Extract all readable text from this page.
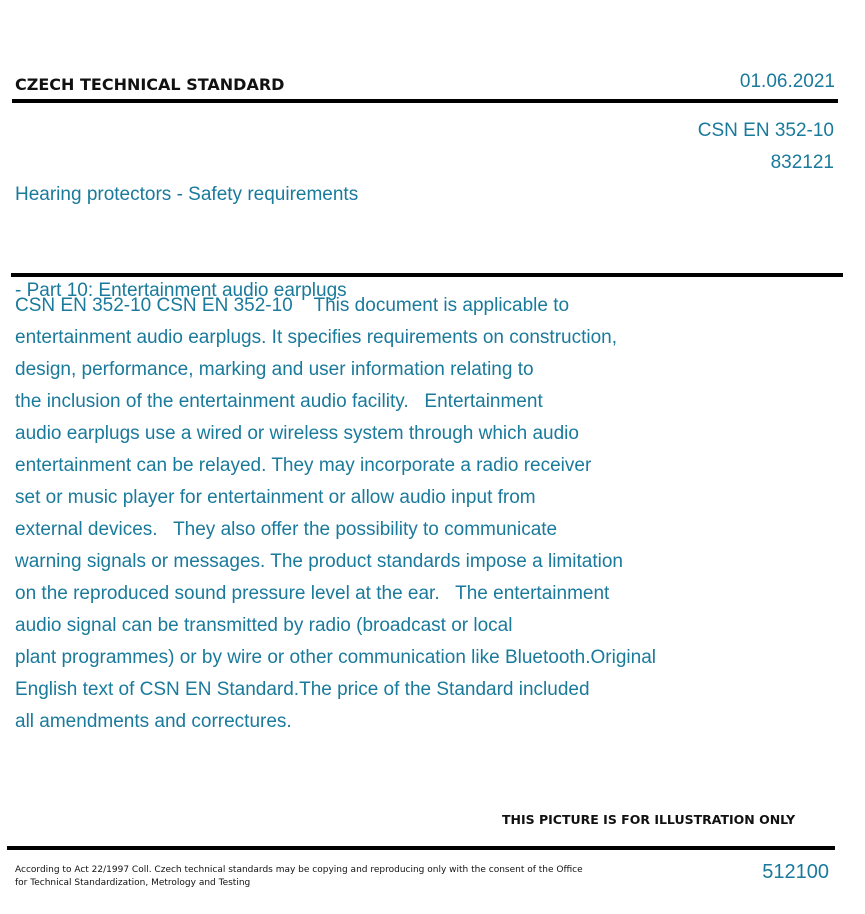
CZECH TECHNICAL STANDARD	01.06.2021

Hearing protectors - Safety requirements

- Part 10: Entertainment audio earplugs

CSN EN 352-10
832121
CSN EN 352-10 CSN EN 352-10    This document is applicable to
entertainment audio earplugs. It specifies requirements on construction,
design, performance, marking and user information relating to
the inclusion of the entertainment audio facility.   Entertainment
audio earplugs use a wired or wireless system through which audio
entertainment can be relayed. They may incorporate a radio receiver
set or music player for entertainment or allow audio input from
external devices.   They also offer the possibility to communicate
warning signals or messages. The product standards impose a limitation
on the reproduced sound pressure level at the ear.   The entertainment
audio signal can be transmitted by radio (broadcast or local
plant programmes) or by wire or other communication like Bluetooth.Original
English text of CSN EN Standard.The price of the Standard included
all amendments and correctures.
THIS PICTURE IS FOR ILLUSTRATION ONLY
According to Act 22/1997 Coll. Czech technical standards may be copying and reproducing only with the consent of the Office
for Technical Standardization, Metrology and Testing	512100
